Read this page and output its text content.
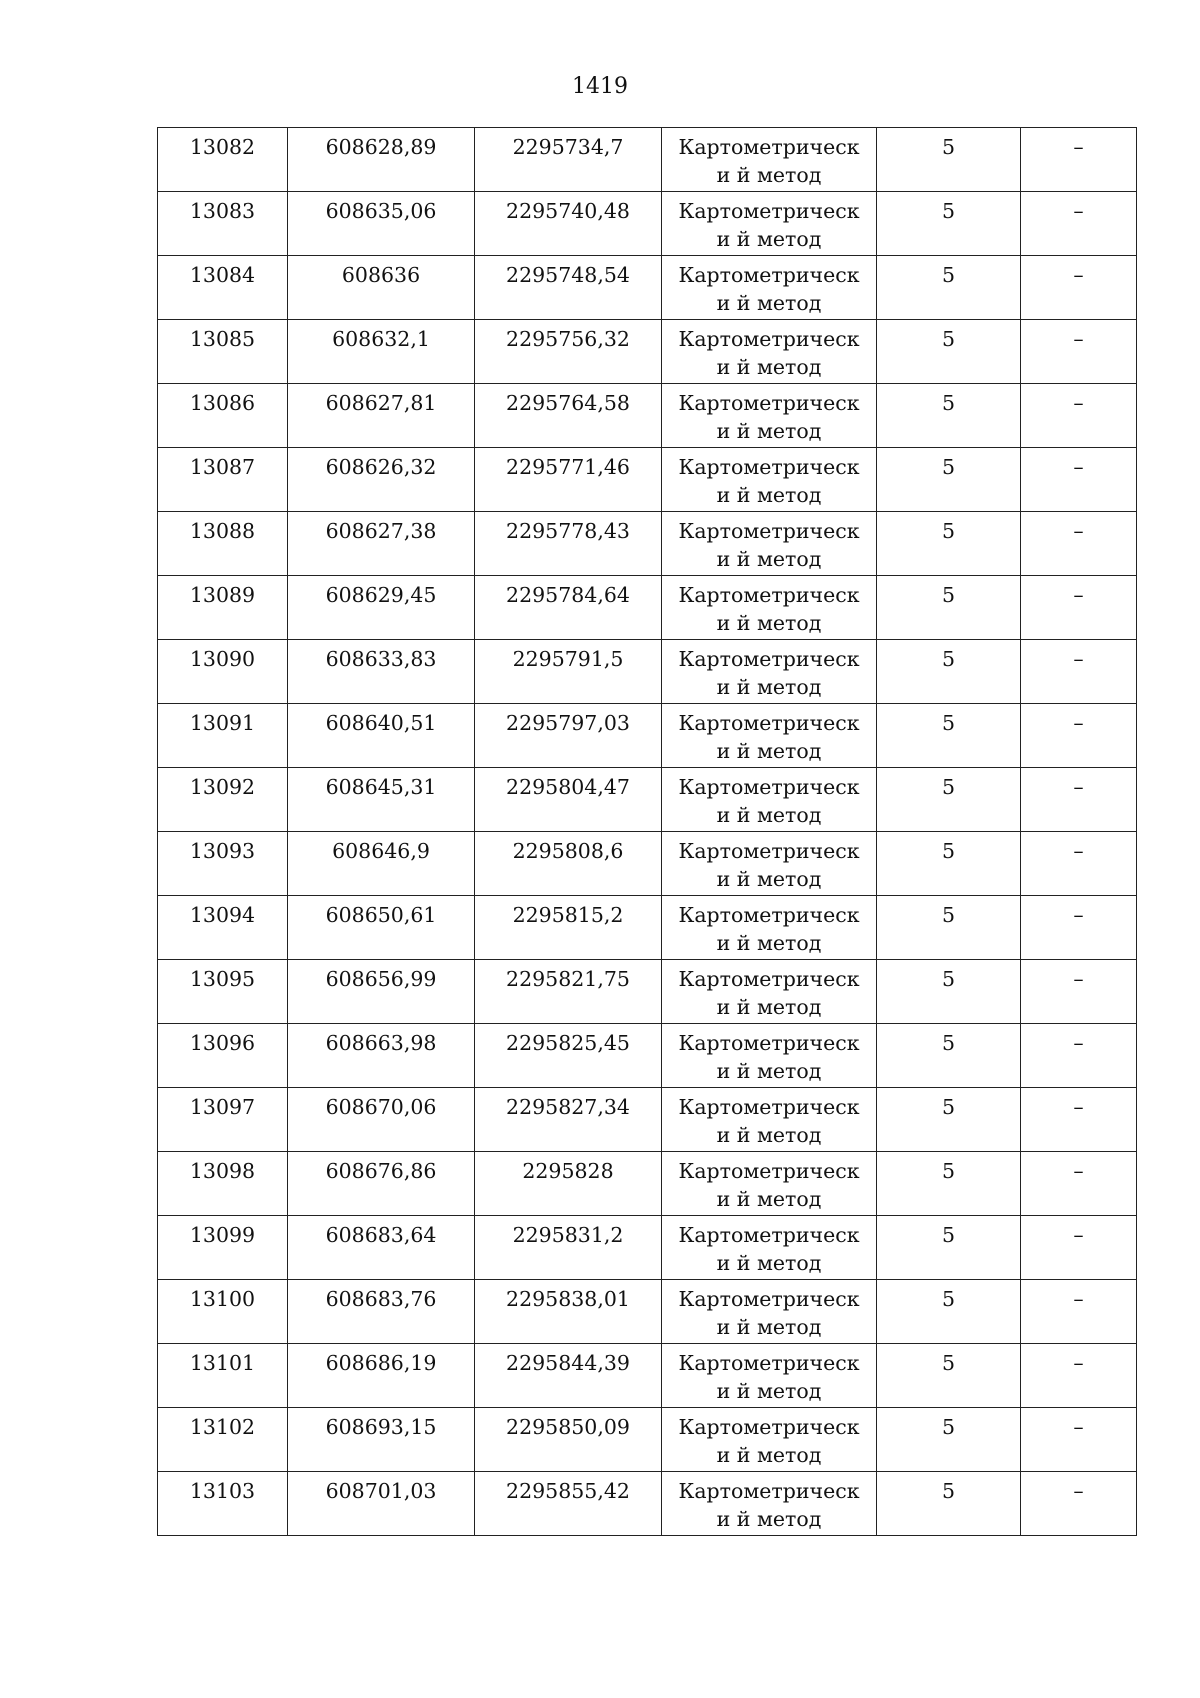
1419
13082	608628,89	2295734,7	Картометрически й метод	5	–

13083	608635,06	2295740,48	Картометрически й метод	5	–

13084	608636	2295748,54	Картометрически й метод	5	–

13085	608632,1	2295756,32	Картометрически й метод	5	–

13086	608627,81	2295764,58	Картометрически й метод	5	–

13087	608626,32	2295771,46	Картометрически й метод	5	–

13088	608627,38	2295778,43	Картометрически й метод	5	–

13089	608629,45	2295784,64	Картометрически й метод	5	–

13090	608633,83	2295791,5	Картометрически й метод	5	–

13091	608640,51	2295797,03	Картометрически й метод	5	–

13092	608645,31	2295804,47	Картометрически й метод	5	–

13093	608646,9	2295808,6	Картометрически й метод	5	–

13094	608650,61	2295815,2	Картометрически й метод	5	–

13095	608656,99	2295821,75	Картометрически й метод	5	–

13096	608663,98	2295825,45	Картометрически й метод	5	–

13097	608670,06	2295827,34	Картометрически й метод	5	–

13098	608676,86	2295828	Картометрически й метод	5	–

13099	608683,64	2295831,2	Картометрически й метод	5	–

13100	608683,76	2295838,01	Картометрически й метод	5	–

13101	608686,19	2295844,39	Картометрически й метод	5	–

13102	608693,15	2295850,09	Картометрически й метод	5	–

13103	608701,03	2295855,42	Картометрически й метод	5	–
